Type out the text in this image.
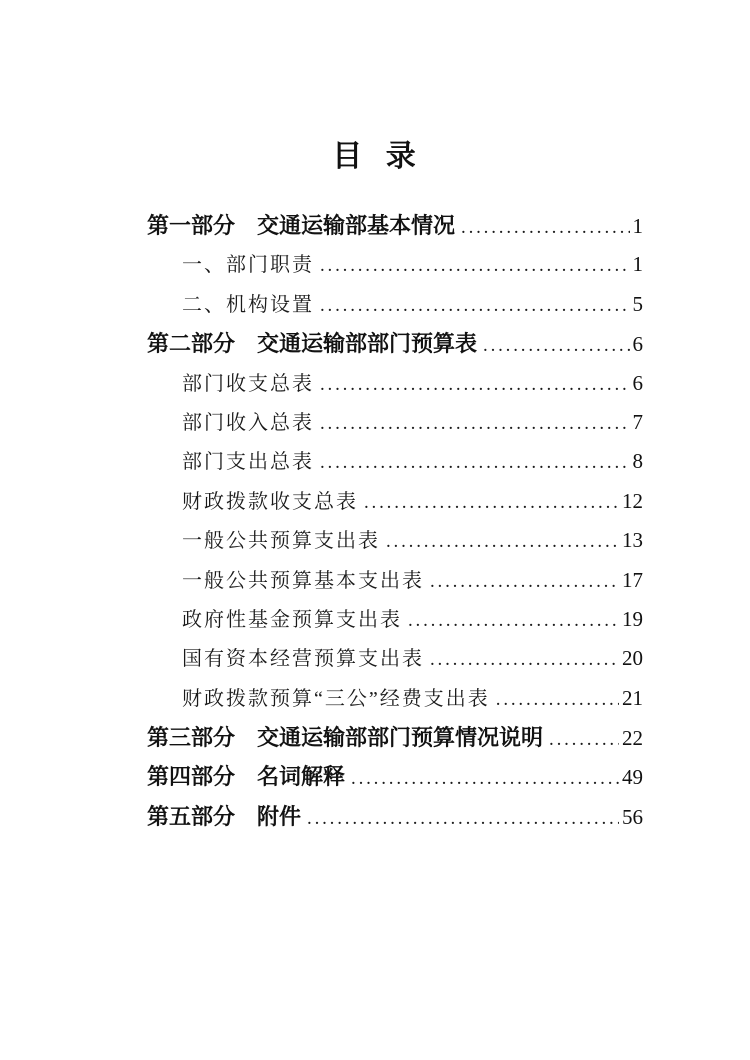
目 录
第一部分　交通运输部基本情况 .....	1
一、部门职责 .....	1
二、机构设置 .....	5
第二部分　交通运输部部门预算表 .....	6
部门收支总表 .....	6
部门收入总表 .....	7
部门支出总表 .....	8
财政拨款收支总表 .....	12
一般公共预算支出表 .....	13
一般公共预算基本支出表 .....	17
政府性基金预算支出表 .....	19
国有资本经营预算支出表 .....	20
财政拨款预算“三公”经费支出表 .....	21
第三部分　交通运输部部门预算情况说明 .....	22
第四部分　名词解释 .....	49
第五部分　附件 .....	56
